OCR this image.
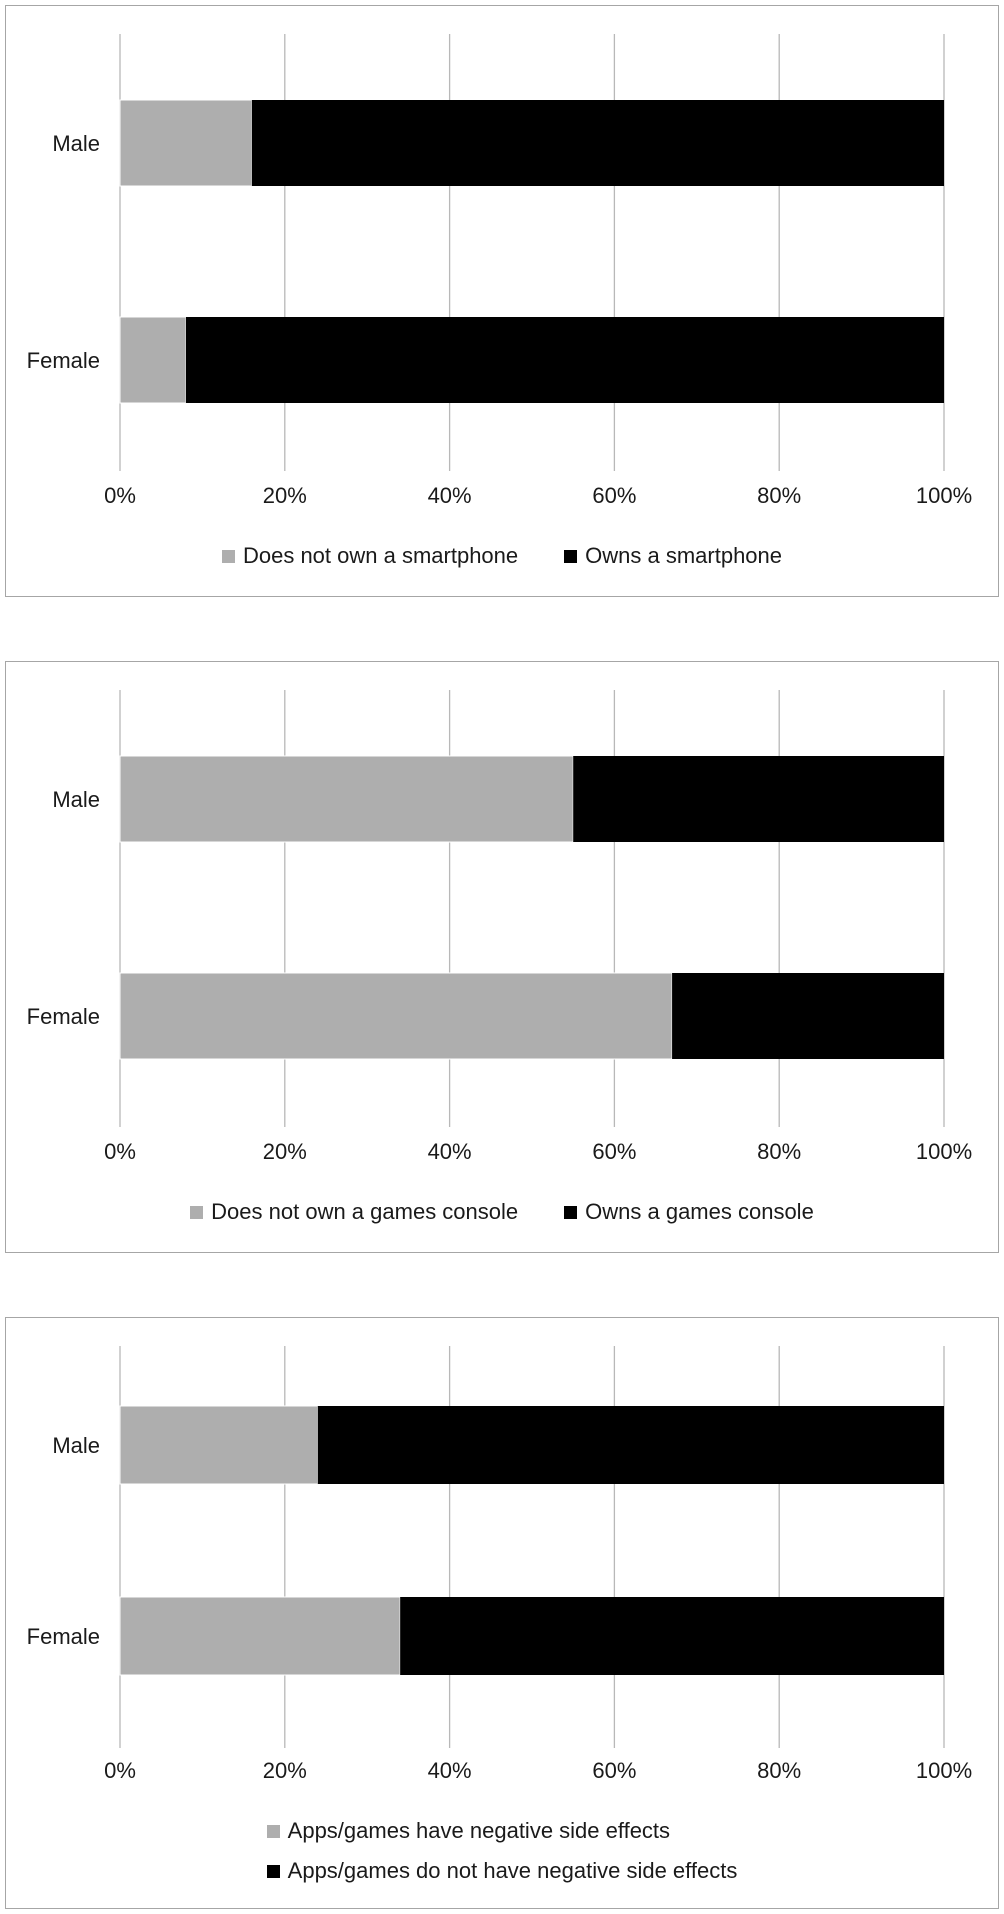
0%	20%	40%	60%	80%	100%
Male
Female
Does not own a smartphone	Owns a smartphone
0%	20%	40%	60%	80%	100%
Male
Female
Does not own a games console	Owns a games console
0%	20%	40%	60%	80%	100%
Male
Female
Apps/games have negative side effects
Apps/games do not have negative side effects
